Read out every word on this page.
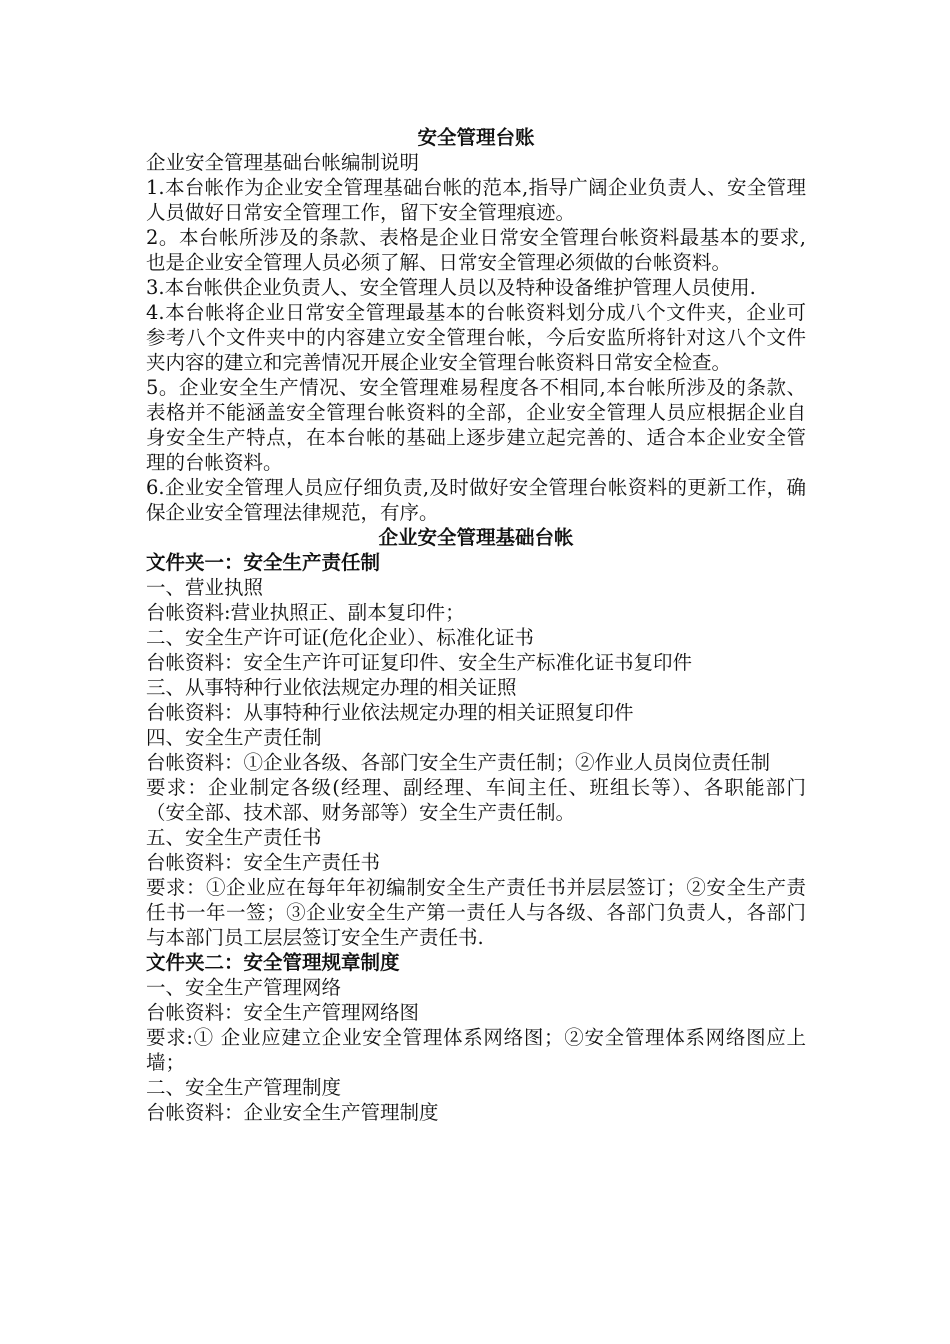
安全管理台账

企业安全管理基础台帐编制说明

1.本台帐作为企业安全管理基础台帐的范本,指导广阔企业负责人、安全管理人员做好日常安全管理工作，留下安全管理痕迹。

2。本台帐所涉及的条款、表格是企业日常安全管理台帐资料最基本的要求,也是企业安全管理人员必须了解、日常安全管理必须做的台帐资料。

3.本台帐供企业负责人、安全管理人员以及特种设备维护管理人员使用.

4.本台帐将企业日常安全管理最基本的台帐资料划分成八个文件夹，企业可参考八个文件夹中的内容建立安全管理台帐，今后安监所将针对这八个文件夹内容的建立和完善情况开展企业安全管理台帐资料日常安全检查。

5。企业安全生产情况、安全管理难易程度各不相同,本台帐所涉及的条款、表格并不能涵盖安全管理台帐资料的全部，企业安全管理人员应根据企业自身安全生产特点，在本台帐的基础上逐步建立起完善的、适合本企业安全管理的台帐资料。

6.企业安全管理人员应仔细负责,及时做好安全管理台帐资料的更新工作，确保企业安全管理法律规范，有序。

企业安全管理基础台帐

文件夹一：安全生产责任制

一、营业执照

台帐资料:营业执照正、副本复印件；

二、安全生产许可证(危化企业）、标准化证书

台帐资料：安全生产许可证复印件、安全生产标准化证书复印件

三、从事特种行业依法规定办理的相关证照

台帐资料：从事特种行业依法规定办理的相关证照复印件

四、安全生产责任制

台帐资料：①企业各级、各部门安全生产责任制；②作业人员岗位责任制

要求：企业制定各级(经理、副经理、车间主任、班组长等）、各职能部门（安全部、技术部、财务部等）安全生产责任制。

五、安全生产责任书

台帐资料：安全生产责任书

要求：①企业应在每年年初编制安全生产责任书并层层签订；②安全生产责任书一年一签；③企业安全生产第一责任人与各级、各部门负责人，各部门与本部门员工层层签订安全生产责任书.

文件夹二：安全管理规章制度

一、安全生产管理网络

台帐资料：安全生产管理网络图

要求:① 企业应建立企业安全管理体系网络图；②安全管理体系网络图应上墙；

二、安全生产管理制度

台帐资料：企业安全生产管理制度
